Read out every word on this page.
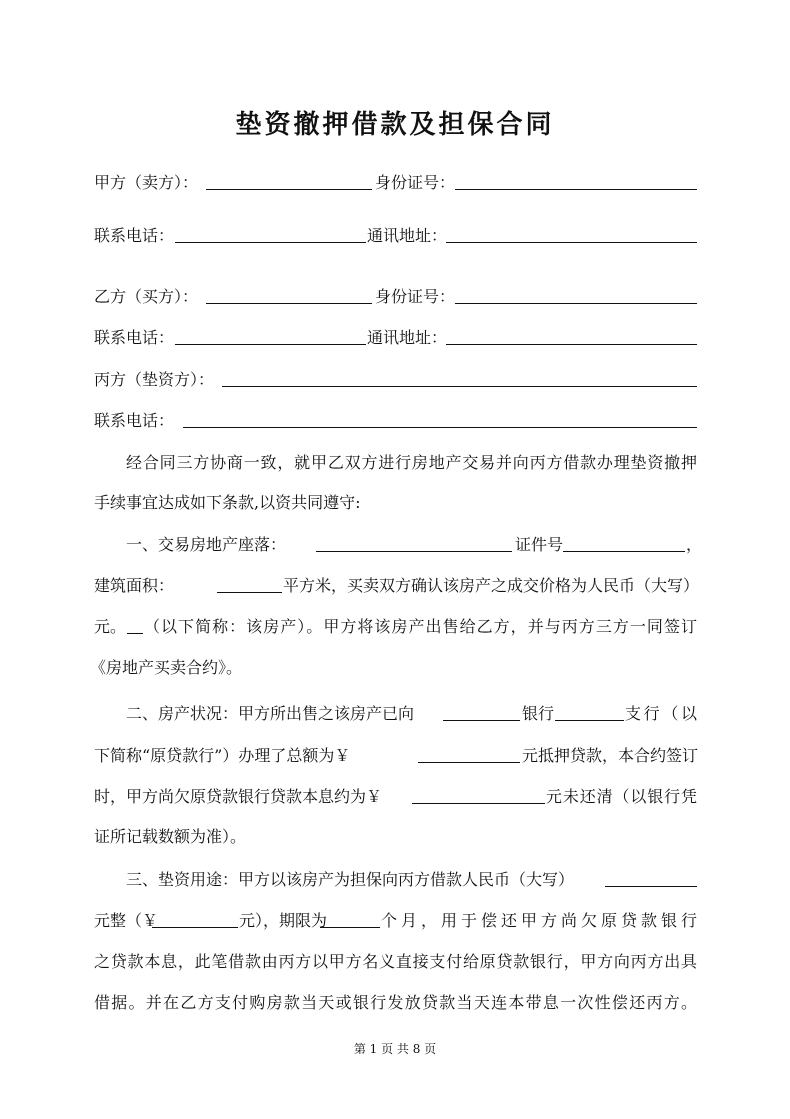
垫资撤押借款及担保合同
甲方（卖方）：	身份证号：
联系电话：	通讯地址：
乙方（买方）：	身份证号：
联系电话：	通讯地址：
丙方（垫资方）：
联系电话：
经合同三方协商一致，就甲乙双方进行房地产交易并向丙方借款办理垫资撤押
手续事宜达成如下条款,以资共同遵守:
一、交易房地产座落：	证件号	，
建筑面积：	平方米，买卖双方确认该房产之成交价格为人民币（大写）
元。 （以下简称：该房产）。甲方将该房产出售给乙方，并与丙方三方一同签订
《房地产买卖合约》。
二、房产状况：甲方所出售之该房产已向	银行	支行（以
下简称“原贷款行”）办理了总额为￥	元抵押贷款，本合约签订
时，甲方尚欠原贷款银行贷款本息约为￥	元未还清（以银行凭
证所记载数额为准）。
三、垫资用途：甲方以该房产为担保向丙方借款人民币（大写）
元整（￥	元），期限为	个月，用于偿还甲方尚欠原贷款银行
之贷款本息，此笔借款由丙方以甲方名义直接支付给原贷款银行，甲方向丙方出具
借据。并在乙方支付购房款当天或银行发放贷款当天连本带息一次性偿还丙方。
第 1 页 共 8 页
